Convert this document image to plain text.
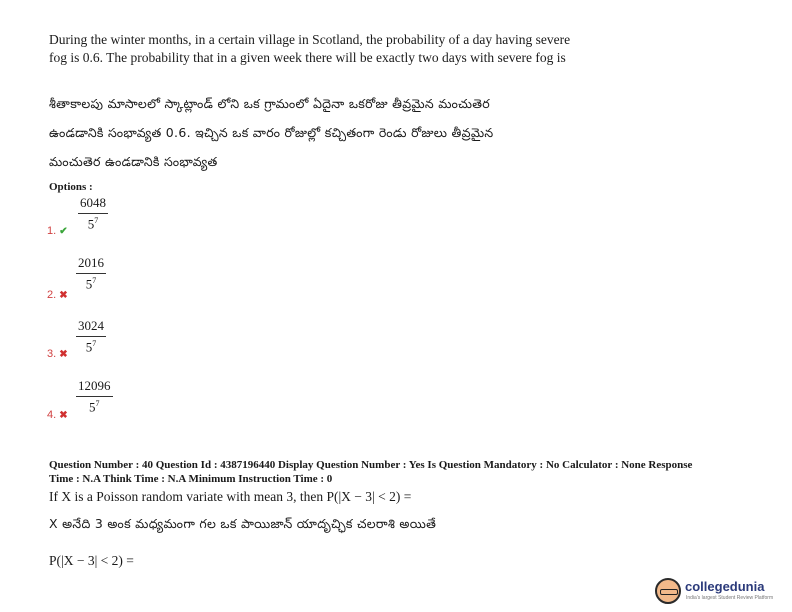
During the winter months, in a certain village in Scotland, the probability of a day having severe fog is 0.6. The probability that in a given week there will be exactly two days with severe fog is
శీతాకాలపు మాసాలలో స్కాట్లాండ్ లోని ఒక గ్రామంలో ఏదైనా ఒకరోజు తీవ్రమైన మంచుతెర
ఉండడానికి సంభావ్యత 0.6. ఇచ్చిన ఒక వారం రోజుల్లో కచ్చితంగా రెండు రోజులు తీవ్రమైన
మంచుతెర ఉండడానికి సంభావ్యత
Options :
$\frac{6048}{5^7}$
1. ✔
$\frac{2016}{5^7}$
2. ✖
$\frac{3024}{5^7}$
3. ✖
$\frac{12096}{5^7}$
4. ✖
Question Number : 40 Question Id : 4387196440 Display Question Number : Yes Is Question Mandatory : No Calculator : None Response
Time : N.A Think Time : N.A Minimum Instruction Time : 0
If X is a Poisson random variate with mean 3, then P(|X − 3| < 2) =
X అనేది 3 అంక మధ్యమంగా గల ఒక పాయిజాన్ యాదృచ్ఛిక చలరాశి అయితే
P(|X − 3| < 2) =
collegedunia
India's largest Student Review Platform
